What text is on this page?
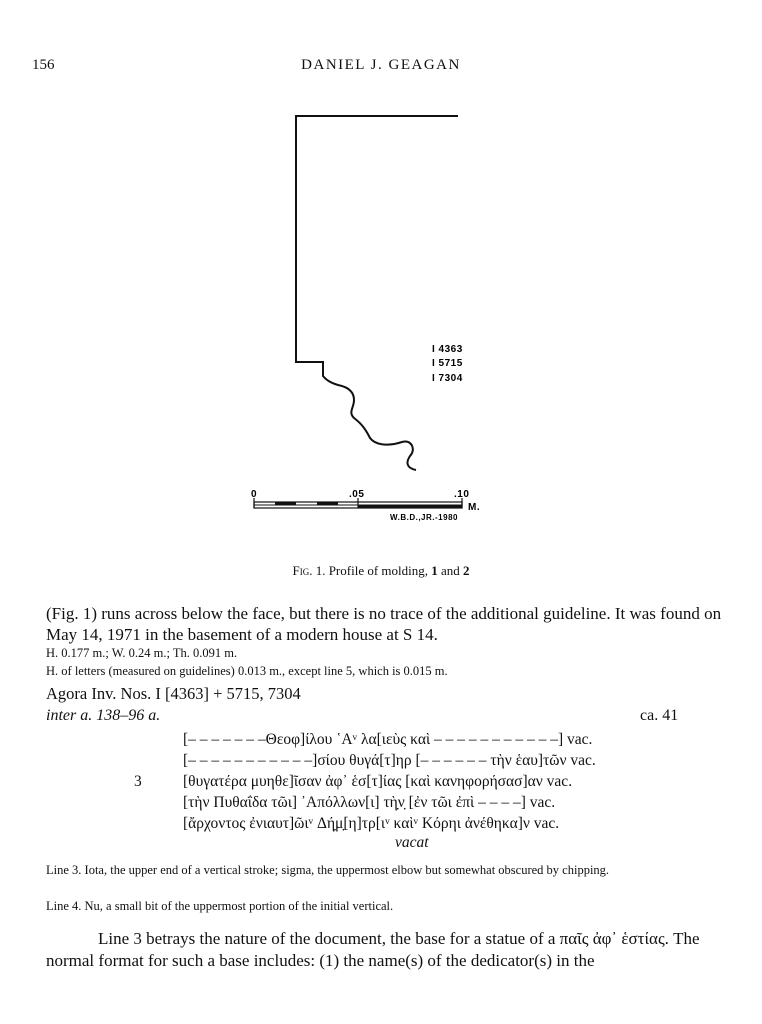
156	DANIEL J. GEAGAN
I 4363
I 5715
I 7304
0	.05	.10
M.
W.B.D.,JR.-1980
Fig. 1. Profile of molding, 1 and 2
(Fig. 1) runs across below the face, but there is no trace of the additional guideline. It was found on May 14, 1971 in the basement of a modern house at S 14.
H. 0.177 m.; W. 0.24 m.; Th. 0.091 m.
H. of letters (measured on guidelines) 0.013 m., except line 5, which is 0.015 m.
Agora Inv. Nos. I [4363] + 5715, 7304
inter a. 138–96 a.	ca. 41
[– – – – – – –Θεοφ]ίλου ῾Αᵛ λα[ιεὺς καὶ – – – – – – – – – – –] vac.
[– – – – – – – – – – –]σίου θυγά[τ]ηρ [– – – – – – τὴν ἑαυ]τῶν vac.
3	[θυγατέρα μυηθε]ῖσαν ἀφ᾿ ἑσ[τ]ίας [καὶ κανηφορήσασ]αν vac.
[τὴν Πυθαΐδα τῶι] ᾿Απόλλων[ι] τὴ̣ν̣ [ἐν τῶι ἐπὶ – – – –] vac.
[ἄρχοντος ἐνιαυτ]ῶιᵛ Δή̣μ̣[η]τρ[ιᵛ καὶᵛ Κόρηι ἀνέθηκα]ν vac.
vacat
Line 3. Iota, the upper end of a vertical stroke; sigma, the uppermost elbow but somewhat obscured by chipping.
Line 4. Nu, a small bit of the uppermost portion of the initial vertical.
Line 3 betrays the nature of the document, the base for a statue of a παῖς ἀφ᾿ ἑστίας. The normal format for such a base includes: (1) the name(s) of the dedicator(s) in the
